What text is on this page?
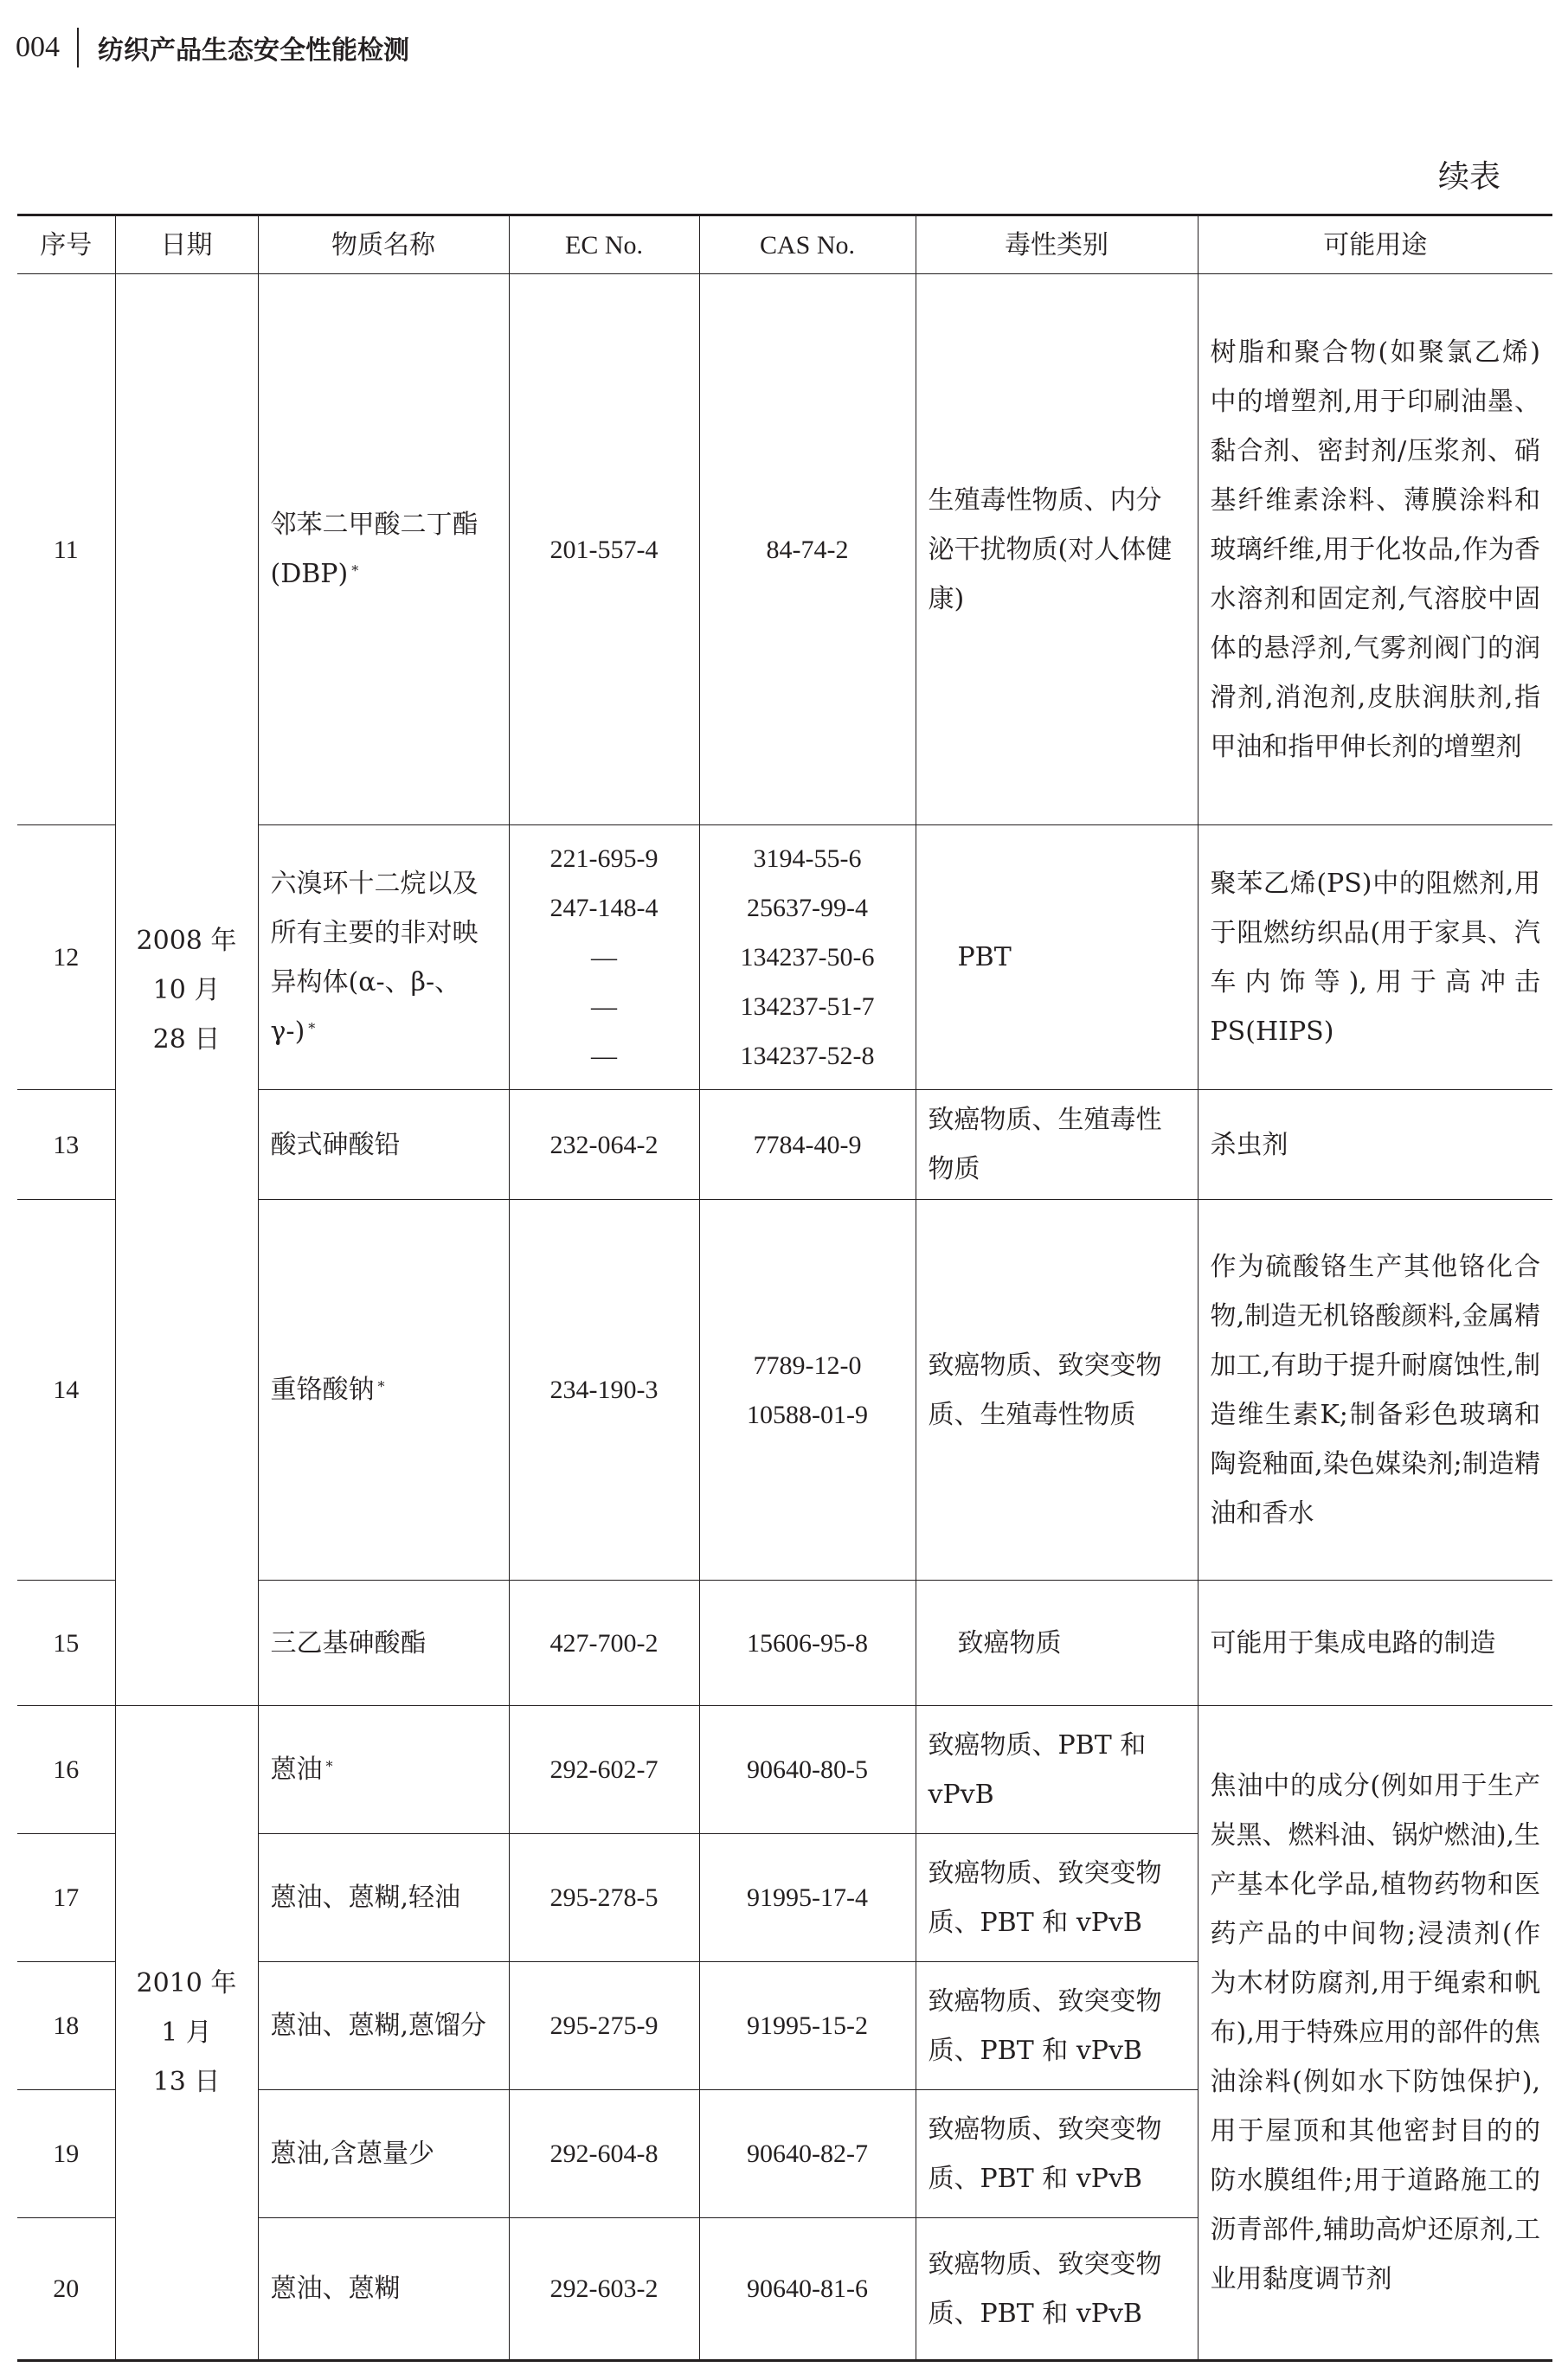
004 纺织产品生态安全性能检测
续表
序号	日期	物质名称	EC No.	CAS No.	毒性类别	可能用途
11	2008 年
10 月
28 日	邻苯二甲酸二丁酯(DBP) *	201-557-4	84-74-2	生殖毒性物质、内分泌干扰物质(对人体健康)	树脂和聚合物(如聚氯乙烯)中的增塑剂,用于印刷油墨、黏合剂、密封剂/压浆剂、硝基纤维素涂料、薄膜涂料和玻璃纤维,用于化妆品,作为香水溶剂和固定剂,气溶胶中固体的悬浮剂,气雾剂阀门的润滑剂,消泡剂,皮肤润肤剂,指甲油和指甲伸长剂的增塑剂
12		六溴环十二烷以及所有主要的非对映异构体(α-、β-、γ-) *	221-695-9
247-148-4
—
—
—	3194-55-6
25637-99-4
134237-50-6
134237-51-7
134237-52-8	PBT	聚苯乙烯(PS)中的阻燃剂,用于阻燃纺织品(用于家具、汽车内饰等),用于高冲击 PS(HIPS)
13		酸式砷酸铅	232-064-2	7784-40-9	致癌物质、生殖毒性物质	杀虫剂
14		重铬酸钠 *	234-190-3	7789-12-0
10588-01-9	致癌物质、致突变物质、生殖毒性物质	作为硫酸铬生产其他铬化合物,制造无机铬酸颜料,金属精加工,有助于提升耐腐蚀性,制造维生素K;制备彩色玻璃和陶瓷釉面,染色媒染剂;制造精油和香水
15		三乙基砷酸酯	427-700-2	15606-95-8	致癌物质	可能用于集成电路的制造
16	2010 年
1 月
13 日	蒽油 *	292-602-7	90640-80-5	致癌物质、PBT 和 vPvB	焦油中的成分(例如用于生产炭黑、燃料油、锅炉燃油),生产基本化学品,植物药物和医药产品的中间物;浸渍剂(作为木材防腐剂,用于绳索和帆布),用于特殊应用的部件的焦油涂料(例如水下防蚀保护),用于屋顶和其他密封目的的防水膜组件;用于道路施工的沥青部件,辅助高炉还原剂,工业用黏度调节剂
17		蒽油、蒽糊,轻油	295-278-5	91995-17-4	致癌物质、致突变物质、PBT 和 vPvB	
18		蒽油、蒽糊,蒽馏分	295-275-9	91995-15-2	致癌物质、致突变物质、PBT 和 vPvB	
19		蒽油,含蒽量少	292-604-8	90640-82-7	致癌物质、致突变物质、PBT 和 vPvB	
20		蒽油、蒽糊	292-603-2	90640-81-6	致癌物质、致突变物质、PBT 和 vPvB	
